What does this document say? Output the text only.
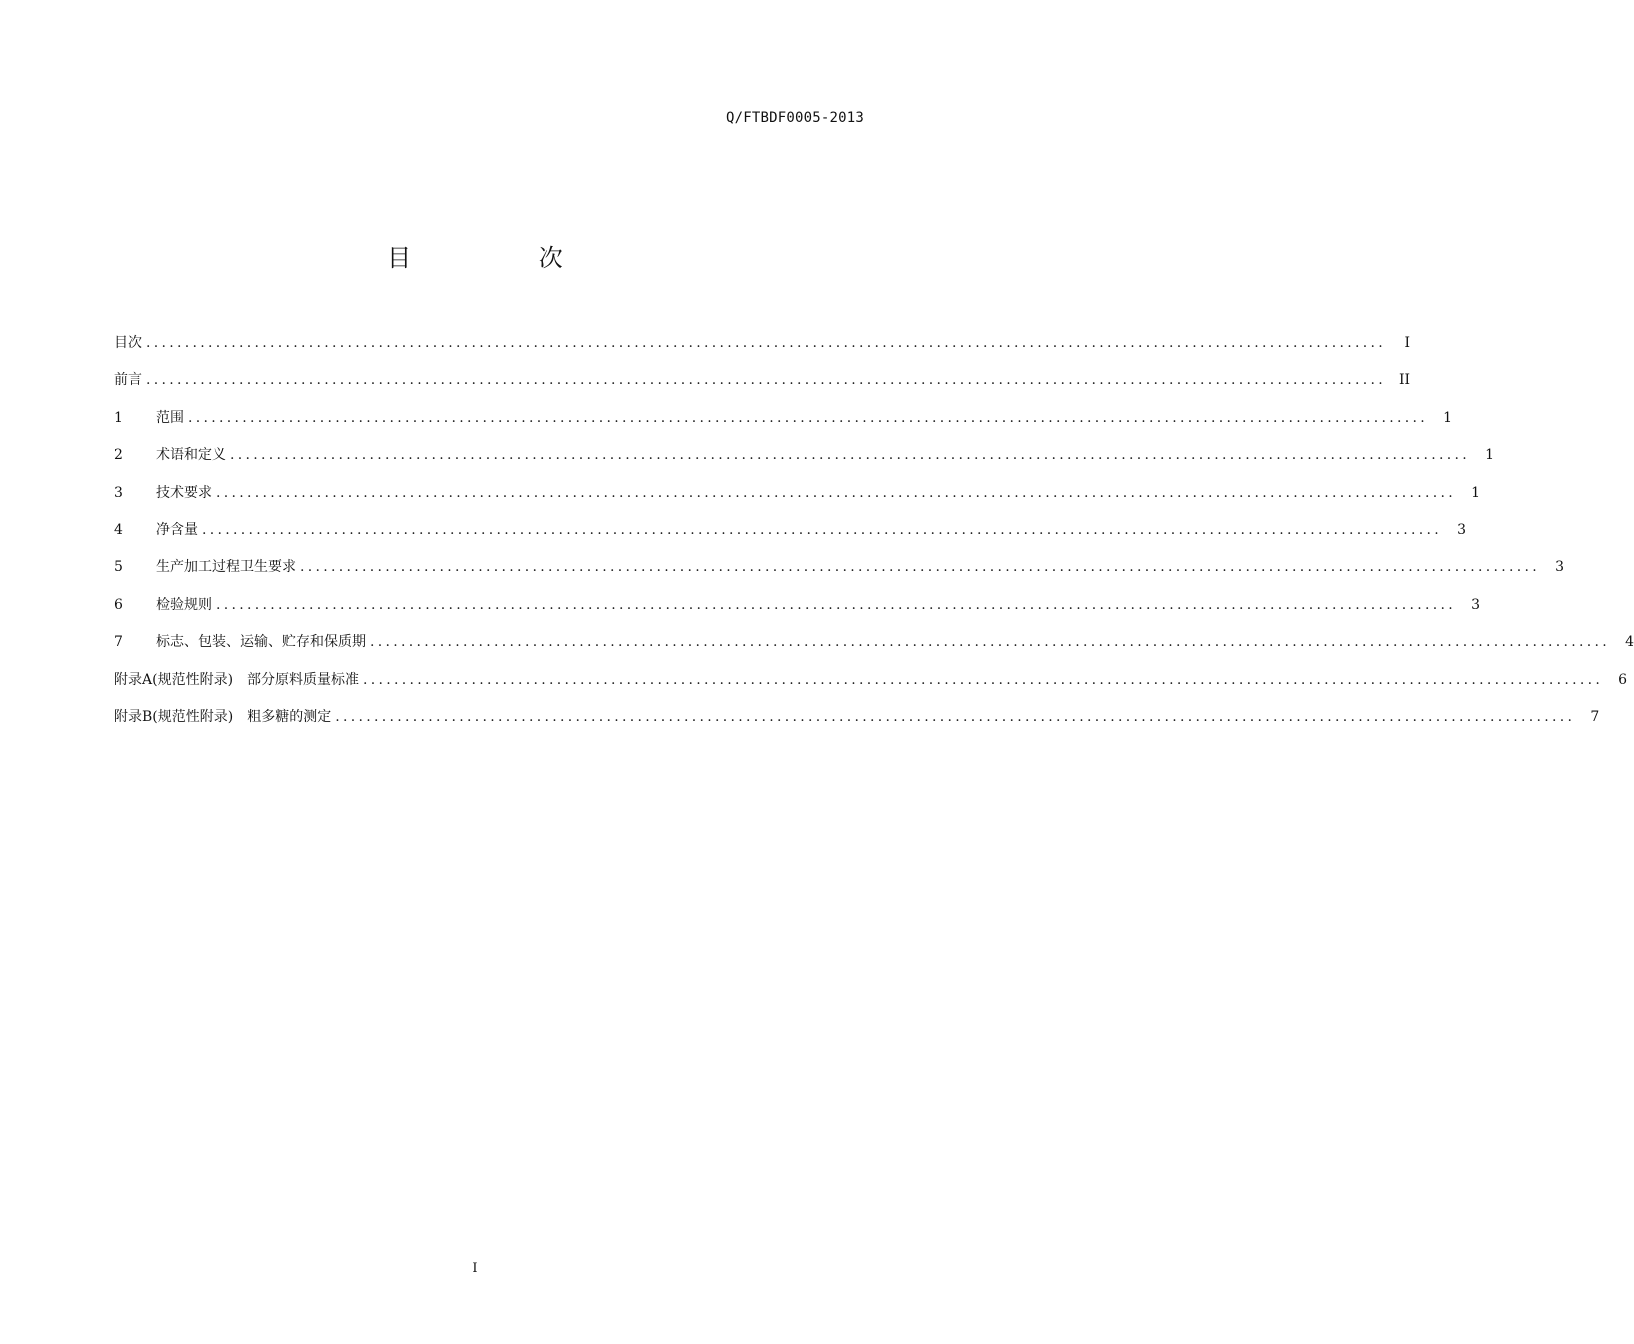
Q/FTBDF0005-2013
目 次
目次 ................................................................................................................................................................	I
前言 ................................................................................................................................................................ II
1	范围 ................................................................................................................................................................	1
2	术语和定义 ................................................................................................................................................................	1
3	技术要求 ................................................................................................................................................................	1
4	净含量 ................................................................................................................................................................	3
5	生产加工过程卫生要求 ................................................................................................................................................................	3
6	检验规则 ................................................................................................................................................................	3
7	标志、包装、运输、贮存和保质期 ................................................................................................................................................................	4
附录A(规范性附录)　部分原料质量标准 ................................................................................................................................................................	6
附录B(规范性附录)　粗多糖的测定 ................................................................................................................................................................	7
I
